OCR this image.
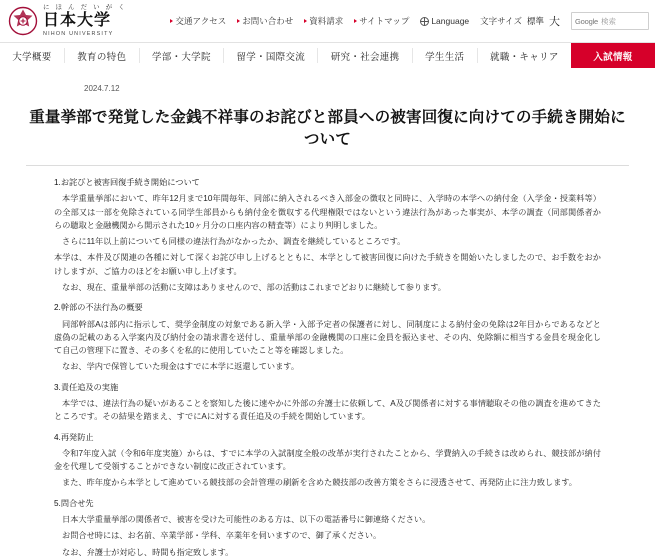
に ほ ん だ い が く
日本大学
NIHON UNIVERSITY
交通アクセス お問い合わせ 資料請求 サイトマップ	Language 文字サイズ 標準 大 Google 検索
大学概要	教育の特色	学部・大学院	留学・国際交流	研究・社会連携	学生生活	就職・キャリア	入試情報
2024.7.12
重量挙部で発覚した金銭不祥事のお詫びと部員への被害回復に向けての手続き開始について
1.お詫びと被害回復手続き開始について

本学重量挙部において、昨年12月まで10年間毎年、同部に納入されるべき入部金の徴収と同時に、入学時の本学への納付金（入学金・授業料等）の全部又は一部を免除されている同学生部員からも納付金を徴収する代理権限ではないという違法行為があった事実が、本学の調査（同部関係者からの聴取と金融機関から開示された10ヶ月分の口座内容の精査等）により判明しました。

さらに11年以上前についても同様の違法行為がなかったか、調査を継続しているところです。

本学は、本件及び関連の各種に対して深くお詫び申し上げるとともに、本学として被害回復に向けた手続きを開始いたしましたので、お手数をおかけしますが、ご協力のほどをお願い申し上げます。

なお、現在、重量挙部の活動に支障はありませんので、部の活動はこれまでどおりに継続して参ります。

2.幹部の不法行為の概要

同部幹部Aは部内に指示して、奨学金制度の対象である新入学・入部予定者の保護者に対し、同制度による納付金の免除は2年目からであるなどと虚偽の記載のある入学案内及び納付金の請求書を送付し、重量挙部の金融機関の口座に金員を振込ませ、その内、免除額に相当する金員を現金化して自己の管理下に置き、その多くを私的に使用していたこと等を確認しました。

なお、学内で保管していた現金はすでに本学に返還しています。

3.責任追及の実施

本学では、違法行為の疑いがあることを察知した後に速やかに外部の弁護士に依頼して、A及び関係者に対する事情聴取その他の調査を進めてきたところです。その結果を踏まえ、すでにAに対する責任追及の手続を開始しています。

4.再発防止

令和7年度入試（令和6年度実施）からは、すでに本学の入試制度全般の改革が実行されたことから、学費納入の手続きは改められ、競技部が納付金を代理して受領することができない制度に改正されています。

また、昨年度から本学として進めている競技部の会計管理の刷新を含めた競技部の改善方策をさらに浸透させて、再発防止に注力致します。

5.問合せ先

日本大学重量挙部の関係者で、被害を受けた可能性のある方は、以下の電話番号に御連絡ください。

お問合せ時には、お名前、卒業学部・学科、卒業年を伺いますので、御了承ください。

なお、弁護士が対応し、時間も指定致します。
